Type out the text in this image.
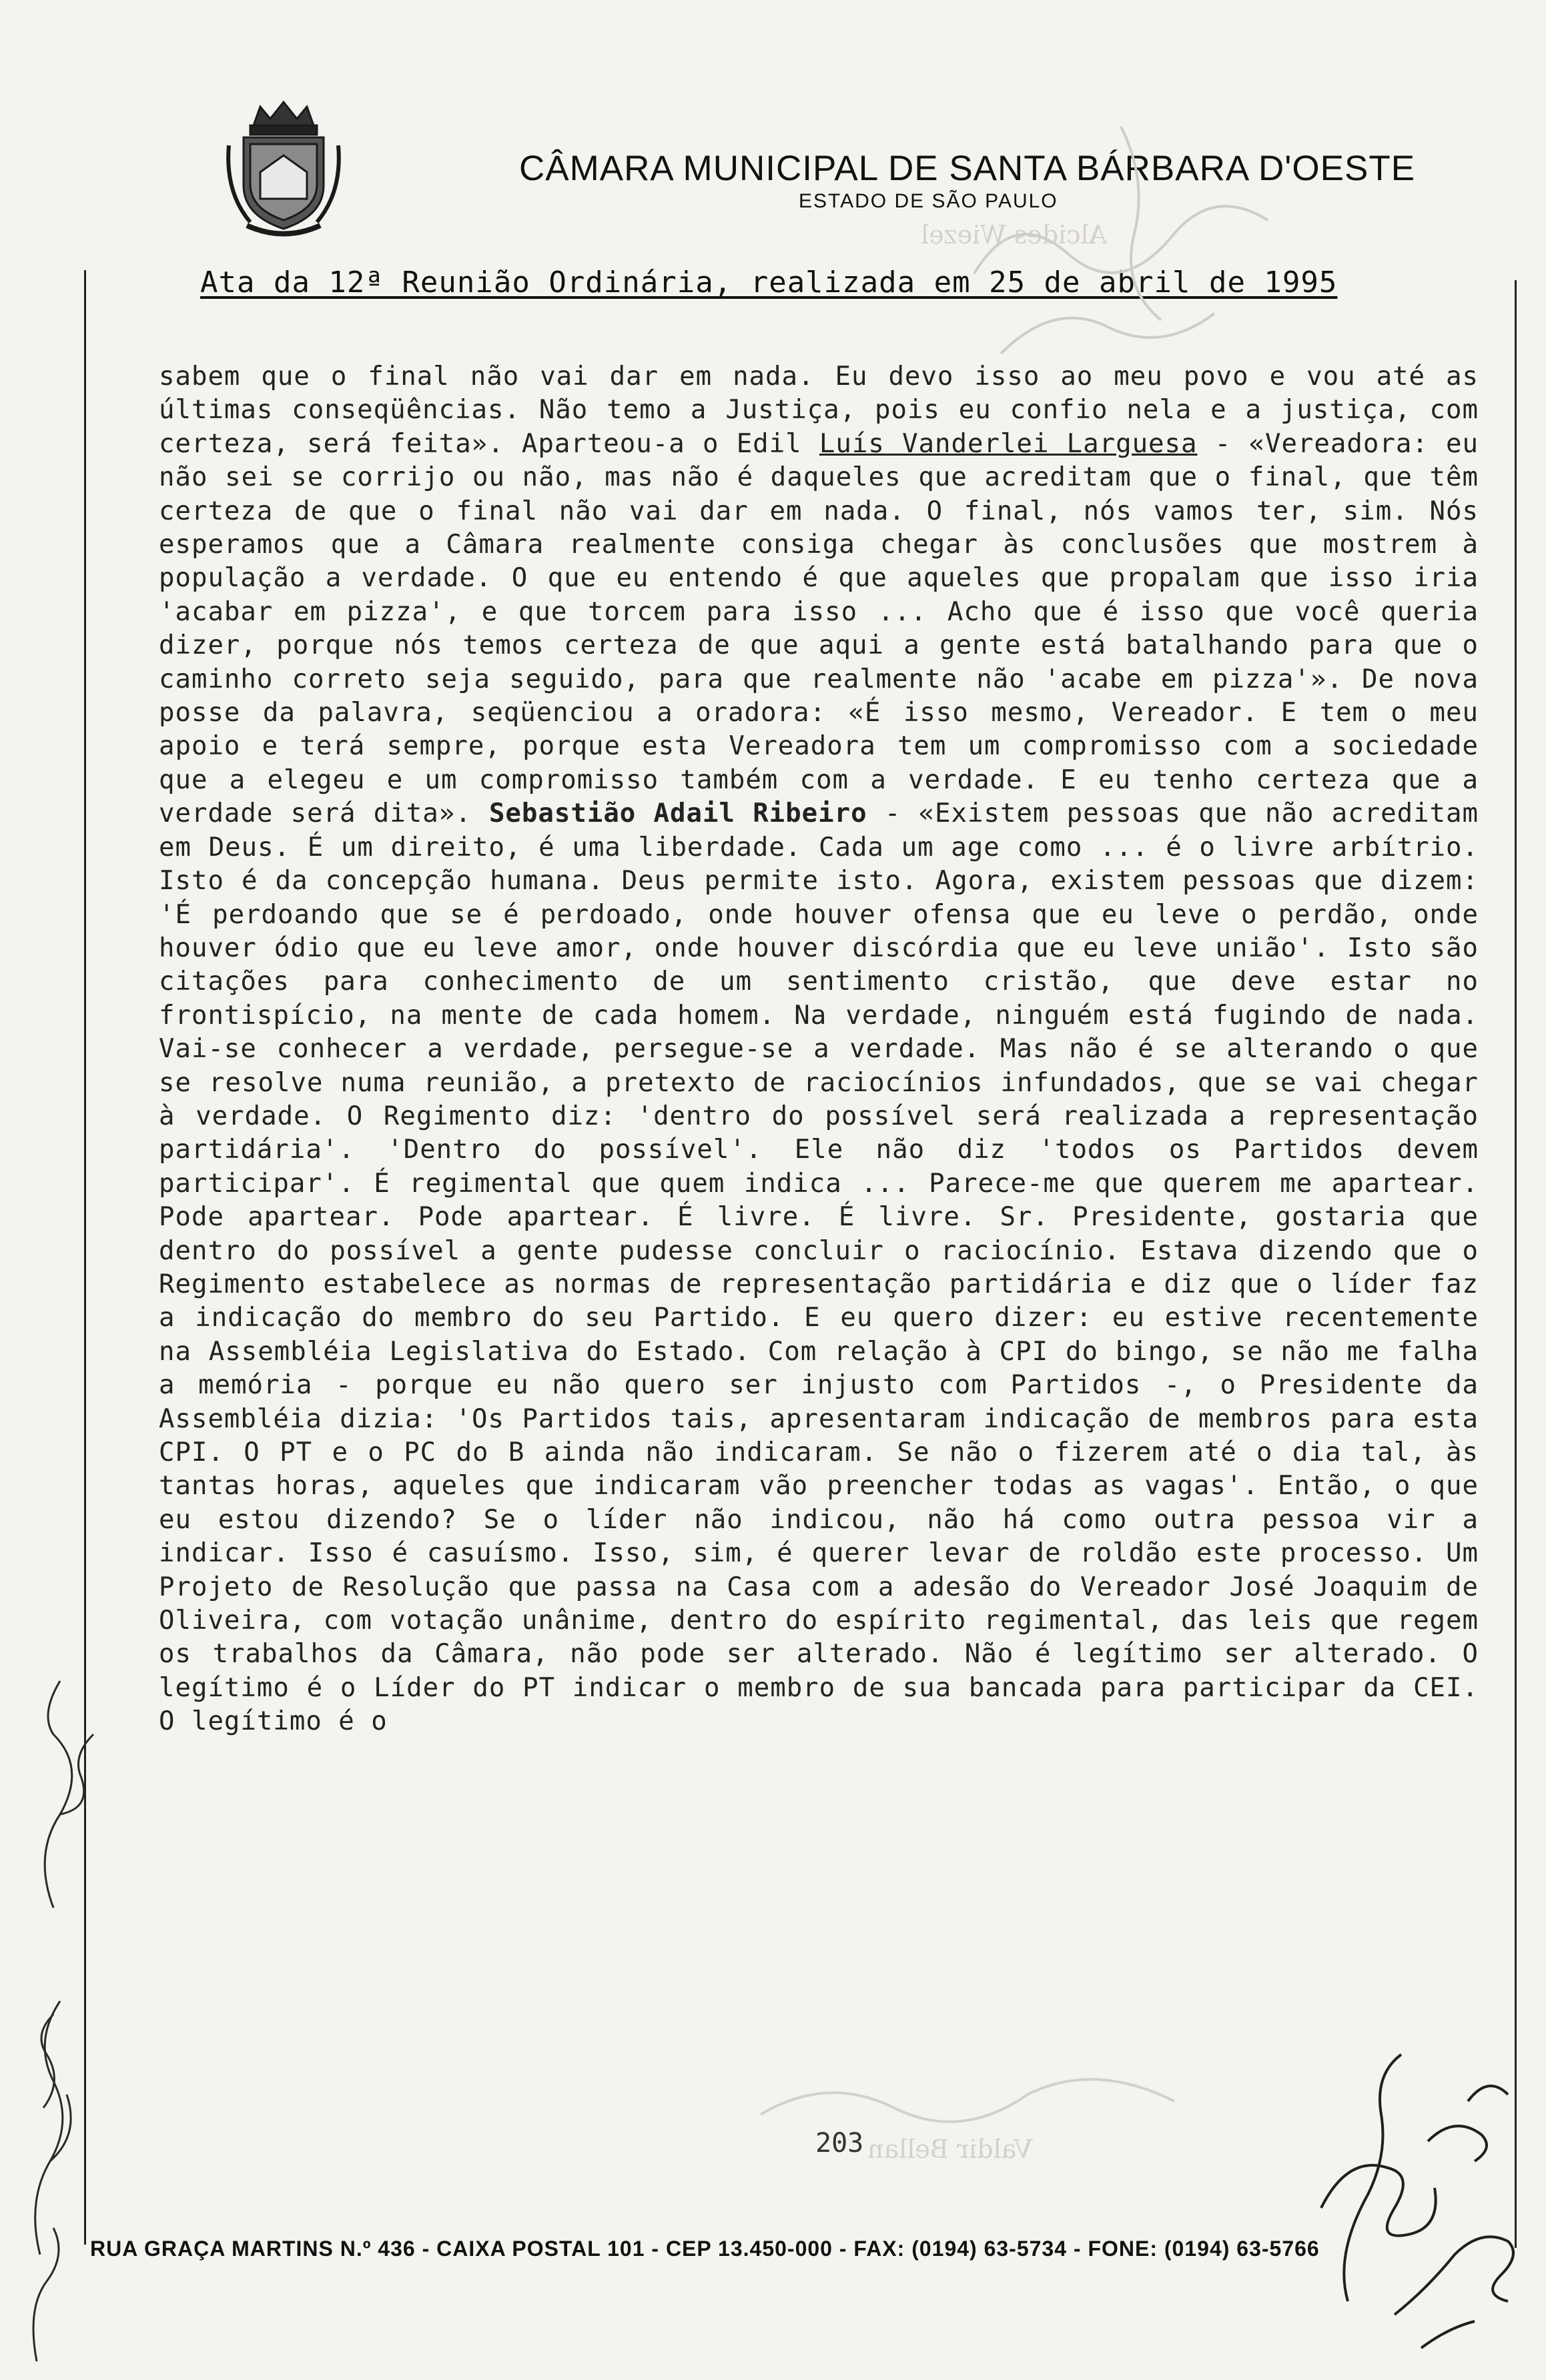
Alcides Wiezel
Valdir Bellan
CÂMARA MUNICIPAL DE SANTA BÁRBARA D'OESTE
ESTADO DE SÃO PAULO
Ata da 12ª Reunião Ordinária, realizada em 25 de abril de 1995
sabem que o final não vai dar em nada. Eu devo isso ao meu povo e vou até as últimas conseqüências. Não temo a Justiça, pois eu confio nela e a justiça, com certeza, será feita». Aparteou-a o Edil Luís Vanderlei Larguesa - «Vereadora: eu não sei se corrijo ou não, mas não é daqueles que acreditam que o final, que têm certeza de que o final não vai dar em nada. O final, nós vamos ter, sim. Nós esperamos que a Câmara realmente consiga chegar às conclusões que mostrem à população a verdade. O que eu entendo é que aqueles que propalam que isso iria 'acabar em pizza', e que torcem para isso ... Acho que é isso que você queria dizer, porque nós temos certeza de que aqui a gente está batalhando para que o caminho correto seja seguido, para que realmente não 'acabe em pizza'». De nova posse da palavra, seqüenciou a oradora: «É isso mesmo, Vereador. E tem o meu apoio e terá sempre, porque esta Vereadora tem um compromisso com a sociedade que a elegeu e um compromisso também com a verdade. E eu tenho certeza que a verdade será dita». Sebastião Adail Ribeiro - «Existem pessoas que não acreditam em Deus. É um direito, é uma liberdade. Cada um age como ... é o livre arbítrio. Isto é da concepção humana. Deus permite isto. Agora, existem pessoas que dizem: 'É perdoando que se é perdoado, onde houver ofensa que eu leve o perdão, onde houver ódio que eu leve amor, onde houver discórdia que eu leve união'. Isto são citações para conhecimento de um sentimento cristão, que deve estar no frontispício, na mente de cada homem. Na verdade, ninguém está fugindo de nada. Vai-se conhecer a verdade, persegue-se a verdade. Mas não é se alterando o que se resolve numa reunião, a pretexto de raciocínios infundados, que se vai chegar à verdade. O Regimento diz: 'dentro do possível será realizada a representação partidária'. 'Dentro do possível'. Ele não diz 'todos os Partidos devem participar'. É regimental que quem indica ... Parece-me que querem me apartear. Pode apartear. Pode apartear. É livre. É livre. Sr. Presidente, gostaria que dentro do possível a gente pudesse concluir o raciocínio. Estava dizendo que o Regimento estabelece as normas de representação partidária e diz que o líder faz a indicação do membro do seu Partido. E eu quero dizer: eu estive recentemente na Assembléia Legislativa do Estado. Com relação à CPI do bingo, se não me falha a memória - porque eu não quero ser injusto com Partidos -, o Presidente da Assembléia dizia: 'Os Partidos tais, apresentaram indicação de membros para esta CPI. O PT e o PC do B ainda não indicaram. Se não o fizerem até o dia tal, às tantas horas, aqueles que indicaram vão preencher todas as vagas'. Então, o que eu estou dizendo? Se o líder não indicou, não há como outra pessoa vir a indicar. Isso é casuísmo. Isso, sim, é querer levar de roldão este processo. Um Projeto de Resolução que passa na Casa com a adesão do Vereador José Joaquim de Oliveira, com votação unânime, dentro do espírito regimental, das leis que regem os trabalhos da Câmara, não pode ser alterado. Não é legítimo ser alterado. O legítimo é o Líder do PT indicar o membro de sua bancada para participar da CEI. O legítimo é o
203
RUA GRAÇA MARTINS N.º 436 - CAIXA POSTAL 101 - CEP 13.450-000 - FAX: (0194) 63-5734 - FONE: (0194) 63-5766
